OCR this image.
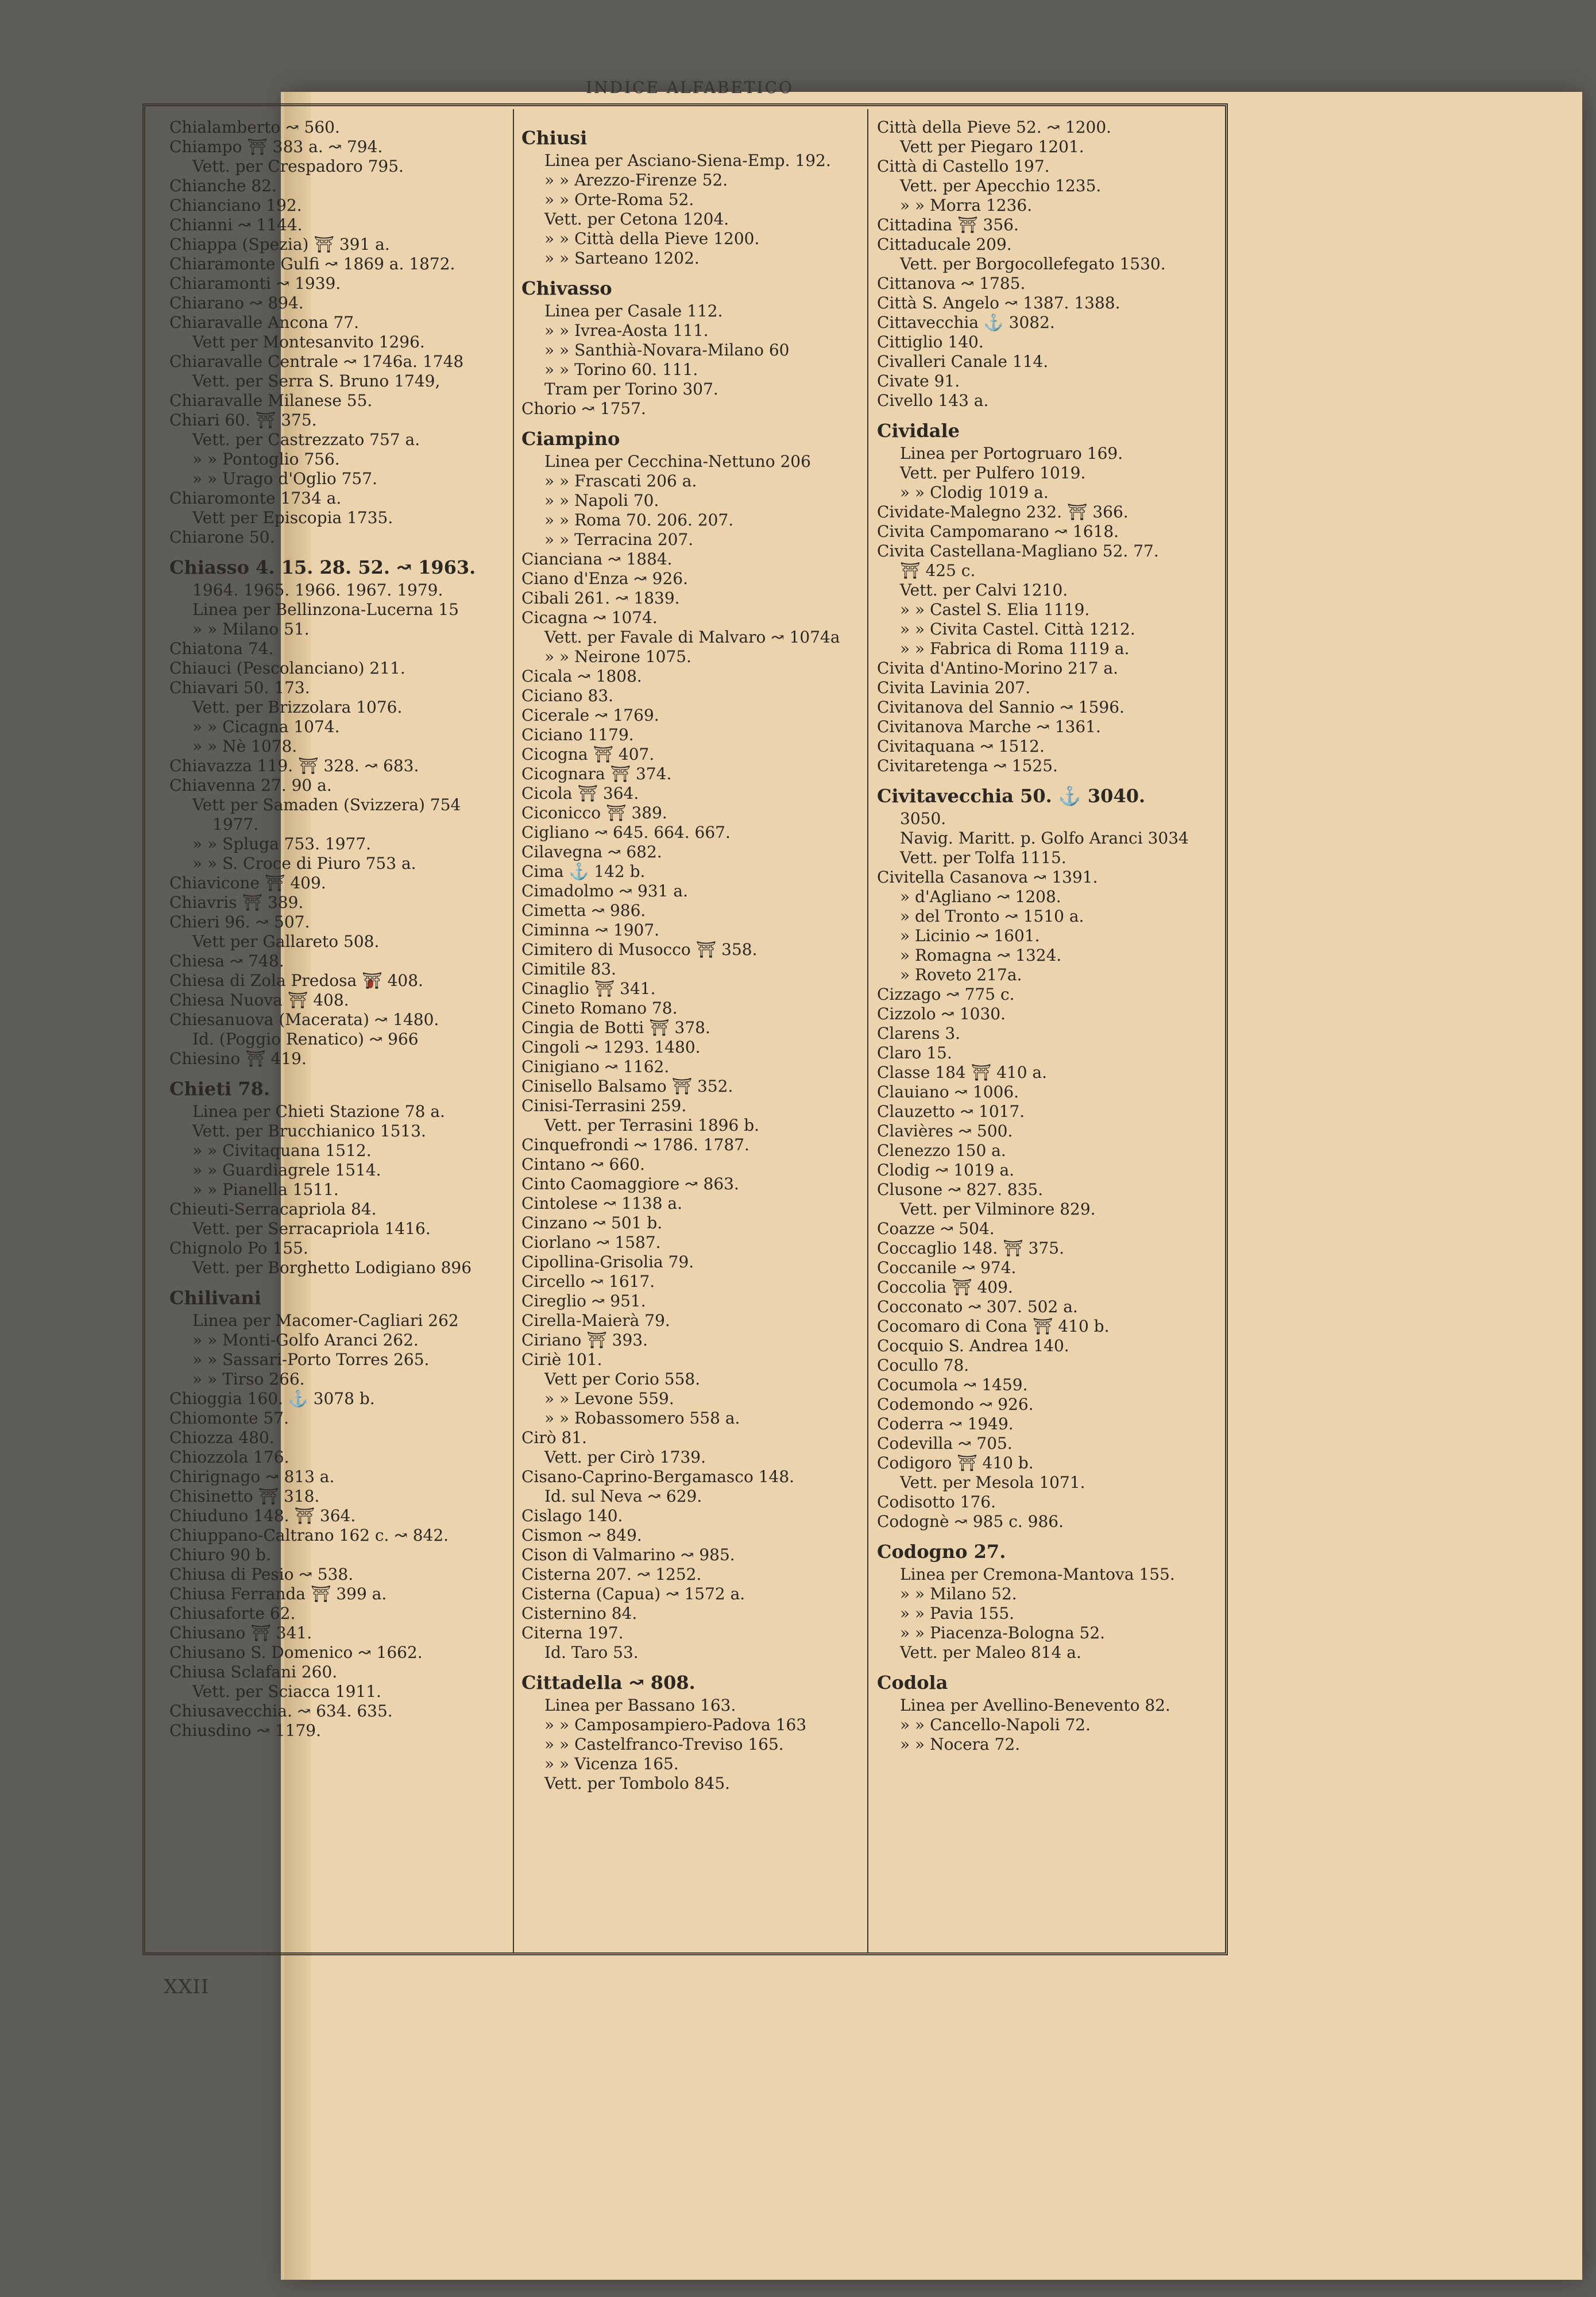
INDICE ALFABETICO
Chialamberto ↝ 560.
Chiampo ⛩ 383 a. ↝ 794.
Vett. per Crespadoro 795.
Chianche 82.
Chianciano 192.
Chianni ↝ 1144.
Chiappa (Spezia) ⛩ 391 a.
Chiaramonte Gulfi ↝ 1869 a. 1872.
Chiaramonti ↝ 1939.
Chiarano ↝ 894.
Chiaravalle Ancona 77.
Vett per Montesanvito 1296.
Chiaravalle Centrale ↝ 1746a. 1748
Vett. per Serra S. Bruno 1749,
Chiaravalle Milanese 55.
Chiari 60. ⛩ 375.
Vett. per Castrezzato 757 a.
» » Pontoglio 756.
» » Urago d'Oglio 757.
Chiaromonte 1734 a.
Vett per Episcopia 1735.
Chiarone 50.
Chiasso 4. 15. 28. 52. ↝ 1963.
1964. 1965. 1966. 1967. 1979.
Linea per Bellinzona-Lucerna 15
» » Milano 51.
Chiatona 74.
Chiauci (Pescolanciano) 211.
Chiavari 50. 173.
Vett. per Brizzolara 1076.
» » Cicagna 1074.
» » Nè 1078.
Chiavazza 119. ⛩ 328. ↝ 683.
Chiavenna 27. 90 a.
Vett per Samaden (Svizzera) 754
1977.
» » Spluga 753. 1977.
» » S. Croce di Piuro 753 a.
Chiavicone ⛩ 409.
Chiavris ⛩ 389.
Chieri 96. ↝ 507.
Vett per Gallareto 508.
Chiesa ↝ 748.
Chiesa di Zola Predosa ⛩ 408.
Chiesa Nuova ⛩ 408.
Chiesanuova (Macerata) ↝ 1480.
Id. (Poggio Renatico) ↝ 966
Chiesino ⛩ 419.
Chieti 78.
Linea per Chieti Stazione 78 a.
Vett. per Brucchianico 1513.
» » Civitaquana 1512.
» » Guardiagrele 1514.
» » Pianella 1511.
Chieuti-Serracapriola 84.
Vett. per Serracapriola 1416.
Chignolo Po 155.
Vett. per Borghetto Lodigiano 896
Chilivani
Linea per Macomer-Cagliari 262
» » Monti-Golfo Aranci 262.
» » Sassari-Porto Torres 265.
» » Tirso 266.
Chioggia 160. ⚓ 3078 b.
Chiomonte 57.
Chiozza 480.
Chiozzola 176.
Chirignago ↝ 813 a.
Chisinetto ⛩ 318.
Chiuduno 148. ⛩ 364.
Chiuppano-Caltrano 162 c. ↝ 842.
Chiuro 90 b.
Chiusa di Pesio ↝ 538.
Chiusa Ferranda ⛩ 399 a.
Chiusaforte 62.
Chiusano ⛩ 341.
Chiusano S. Domenico ↝ 1662.
Chiusa Sclafani 260.
Vett. per Sciacca 1911.
Chiusavecchia. ↝ 634. 635.
Chiusdino ↝ 1179.
Chiusi
Linea per Asciano-Siena-Emp. 192.
» » Arezzo-Firenze 52.
» » Orte-Roma 52.
Vett. per Cetona 1204.
» » Città della Pieve 1200.
» » Sarteano 1202.
Chivasso
Linea per Casale 112.
» » Ivrea-Aosta 111.
» » Santhià-Novara-Milano 60
» » Torino 60. 111.
Tram per Torino 307.
Chorio ↝ 1757.
Ciampino
Linea per Cecchina-Nettuno 206
» » Frascati 206 a.
» » Napoli 70.
» » Roma 70. 206. 207.
» » Terracina 207.
Cianciana ↝ 1884.
Ciano d'Enza ↝ 926.
Cibali 261. ↝ 1839.
Cicagna ↝ 1074.
Vett. per Favale di Malvaro ↝ 1074a
» » Neirone 1075.
Cicala ↝ 1808.
Ciciano 83.
Cicerale ↝ 1769.
Ciciano 1179.
Cicogna ⛩ 407.
Cicognara ⛩ 374.
Cicola ⛩ 364.
Ciconicco ⛩ 389.
Cigliano ↝ 645. 664. 667.
Cilavegna ↝ 682.
Cima ⚓ 142 b.
Cimadolmo ↝ 931 a.
Cimetta ↝ 986.
Ciminna ↝ 1907.
Cimitero di Musocco ⛩ 358.
Cimitile 83.
Cinaglio ⛩ 341.
Cineto Romano 78.
Cingia de Botti ⛩ 378.
Cingoli ↝ 1293. 1480.
Cinigiano ↝ 1162.
Cinisello Balsamo ⛩ 352.
Cinisi-Terrasini 259.
Vett. per Terrasini 1896 b.
Cinquefrondi ↝ 1786. 1787.
Cintano ↝ 660.
Cinto Caomaggiore ↝ 863.
Cintolese ↝ 1138 a.
Cinzano ↝ 501 b.
Ciorlano ↝ 1587.
Cipollina-Grisolia 79.
Circello ↝ 1617.
Cireglio ↝ 951.
Cirella-Maierà 79.
Ciriano ⛩ 393.
Ciriè 101.
Vett per Corio 558.
» » Levone 559.
» » Robassomero 558 a.
Cirò 81.
Vett. per Cirò 1739.
Cisano-Caprino-Bergamasco 148.
Id. sul Neva ↝ 629.
Cislago 140.
Cismon ↝ 849.
Cison di Valmarino ↝ 985.
Cisterna 207. ↝ 1252.
Cisterna (Capua) ↝ 1572 a.
Cisternino 84.
Citerna 197.
Id. Taro 53.
Cittadella ↝ 808.
Linea per Bassano 163.
» » Camposampiero-Padova 163
» » Castelfranco-Treviso 165.
» » Vicenza 165.
Vett. per Tombolo 845.
Città della Pieve 52. ↝ 1200.
Vett per Piegaro 1201.
Città di Castello 197.
Vett. per Apecchio 1235.
» » Morra 1236.
Cittadina ⛩ 356.
Cittaducale 209.
Vett. per Borgocollefegato 1530.
Cittanova ↝ 1785.
Città S. Angelo ↝ 1387. 1388.
Cittavecchia ⚓ 3082.
Cittiglio 140.
Civalleri Canale 114.
Civate 91.
Civello 143 a.
Cividale
Linea per Portogruaro 169.
Vett. per Pulfero 1019.
» » Clodig 1019 a.
Cividate-Malegno 232. ⛩ 366.
Civita Campomarano ↝ 1618.
Civita Castellana-Magliano 52. 77.
⛩ 425 c.
Vett. per Calvi 1210.
» » Castel S. Elia 1119.
» » Civita Castel. Città 1212.
» » Fabrica di Roma 1119 a.
Civita d'Antino-Morino 217 a.
Civita Lavinia 207.
Civitanova del Sannio ↝ 1596.
Civitanova Marche ↝ 1361.
Civitaquana ↝ 1512.
Civitaretenga ↝ 1525.
Civitavecchia 50. ⚓ 3040.
3050.
Navig. Maritt. p. Golfo Aranci 3034
Vett. per Tolfa 1115.
Civitella Casanova ↝ 1391.
» d'Agliano ↝ 1208.
» del Tronto ↝ 1510 a.
» Licinio ↝ 1601.
» Romagna ↝ 1324.
» Roveto 217a.
Cizzago ↝ 775 c.
Cizzolo ↝ 1030.
Clarens 3.
Claro 15.
Classe 184 ⛩ 410 a.
Clauiano ↝ 1006.
Clauzetto ↝ 1017.
Clavières ↝ 500.
Clenezzo 150 a.
Clodig ↝ 1019 a.
Clusone ↝ 827. 835.
Vett. per Vilminore 829.
Coazze ↝ 504.
Coccaglio 148. ⛩ 375.
Coccanile ↝ 974.
Coccolia ⛩ 409.
Cocconato ↝ 307. 502 a.
Cocomaro di Cona ⛩ 410 b.
Cocquio S. Andrea 140.
Cocullo 78.
Cocumola ↝ 1459.
Codemondo ↝ 926.
Coderra ↝ 1949.
Codevilla ↝ 705.
Codigoro ⛩ 410 b.
Vett. per Mesola 1071.
Codisotto 176.
Codognè ↝ 985 c. 986.
Codogno 27.
Linea per Cremona-Mantova 155.
» » Milano 52.
» » Pavia 155.
» » Piacenza-Bologna 52.
Vett. per Maleo 814 a.
Codola
Linea per Avellino-Benevento 82.
» » Cancello-Napoli 72.
» » Nocera 72.
XXII
